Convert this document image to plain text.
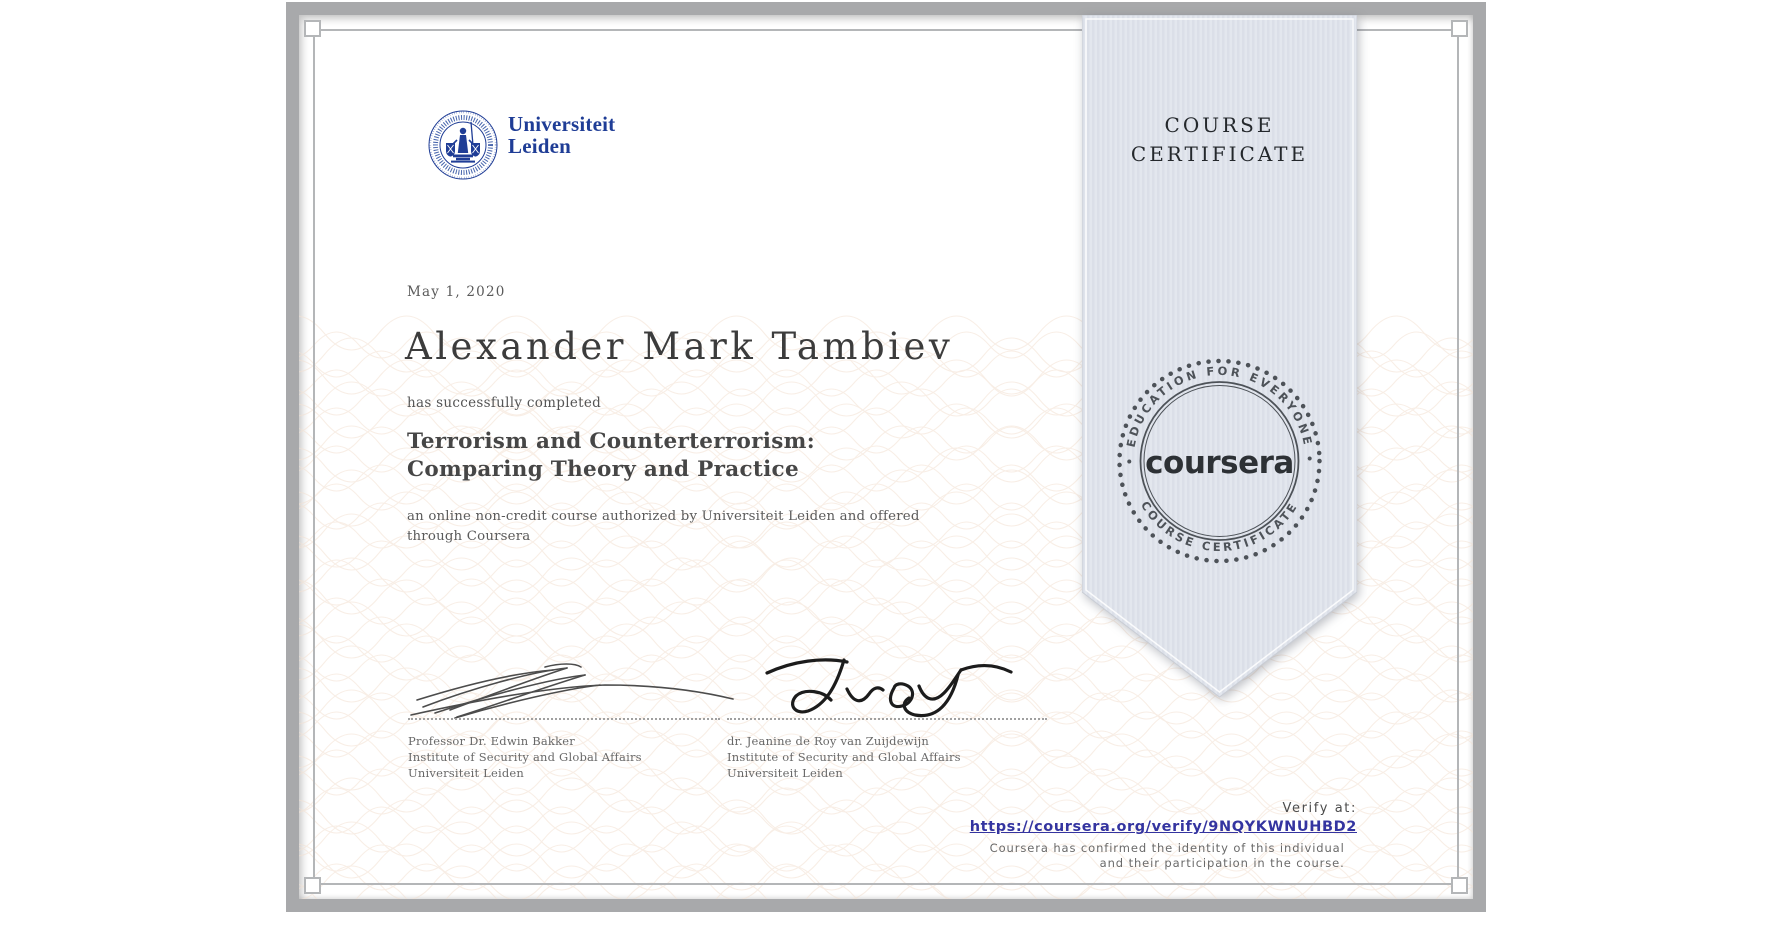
Universiteit
Leiden
May 1, 2020
Alexander Mark Tambiev
has successfully completed
Terrorism and Counterterrorism: Comparing Theory and Practice
an online non-credit course authorized by Universiteit Leiden and offered through Coursera
Professor Dr. Edwin Bakker
Institute of Security and Global Affairs
Universiteit Leiden
dr. Jeanine de Roy van Zuijdewijn
Institute of Security and Global Affairs
Universiteit Leiden
• EDUCATION FOR EVERYONE •
COURSE CERTIFICATE
coursera
COURSE
CERTIFICATE
Verify at:
https://coursera.org/verify/9NQYKWNUHBD2
Coursera has confirmed the identity of this individual and their participation in the course.
